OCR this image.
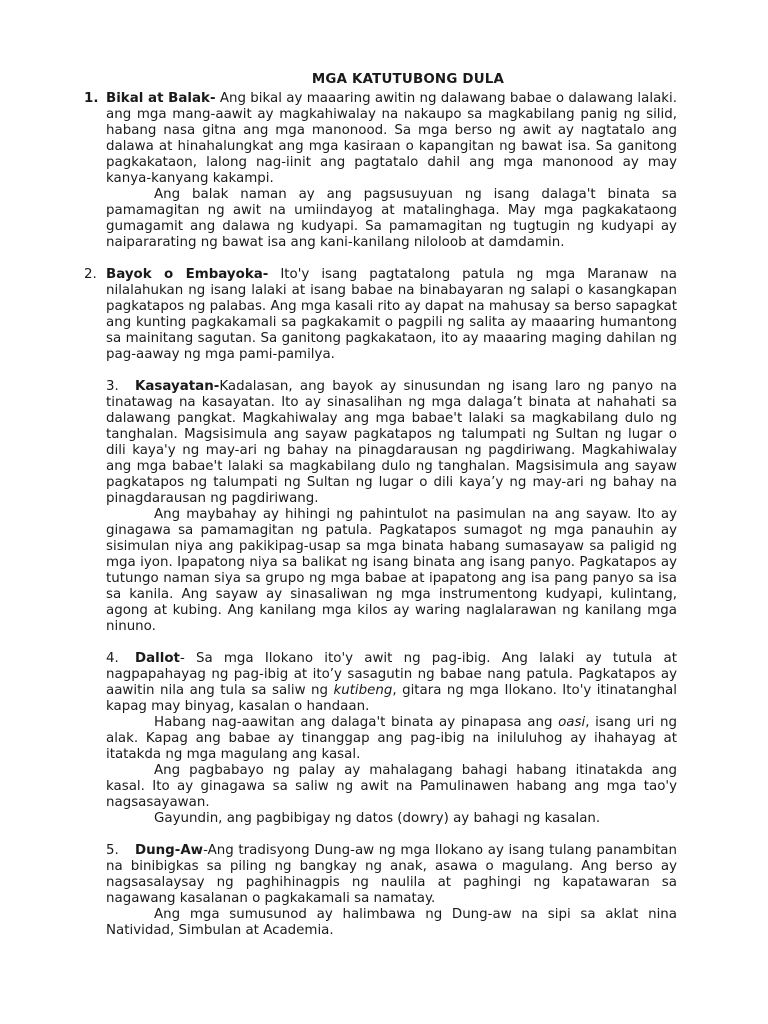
MGA KATUTUBONG DULA
1. Bikal at Balak- Ang bikal ay maaaring awitin ng dalawang babae o dalawang lalaki. ang mga mang-aawit ay magkahiwalay na nakaupo sa magkabilang panig ng silid, habang nasa gitna ang mga manonood. Sa mga berso ng awit ay nagtatalo ang dalawa at hinahalungkat ang mga kasiraan o kapangitan ng bawat isa. Sa ganitong pagkakataon, lalong nag-iinit ang pagtatalo dahil ang mga manonood ay may kanya-kanyang kakampi.

Ang balak naman ay ang pagsusuyuan ng isang dalaga't binata sa pamamagitan ng awit na umiindayog at matalinghaga. May mga pagkakataong gumagamit ang dalawa ng kudyapi. Sa pamamagitan ng tugtugin ng kudyapi ay naipararating ng bawat isa ang kani-kanilang niloloob at damdamin.

2. Bayok o Embayoka- Ito'y isang pagtatalong patula ng mga Maranaw na nilalahukan ng isang lalaki at isang babae na binabayaran ng salapi o kasangkapan pagkatapos ng palabas. Ang mga kasali rito ay dapat na mahusay sa berso sapagkat ang kunting pagkakamali sa pagkakamit o pagpili ng salita ay maaaring humantong sa mainitang sagutan. Sa ganitong pagkakataon, ito ay maaaring maging dahilan ng pag-aaway ng mga pami-pamilya.

3. Kasayatan-Kadalasan, ang bayok ay sinusundan ng isang laro ng panyo na tinatawag na kasayatan. Ito ay sinasalihan ng mga dalaga’t binata at nahahati sa dalawang pangkat. Magkahiwalay ang mga babae't lalaki sa magkabilang dulo ng tanghalan. Magsisimula ang sayaw pagkatapos ng talumpati ng Sultan ng lugar o dili kaya'y ng may-ari ng bahay na pinagdarausan ng pagdiriwang. Magkahiwalay ang mga babae't lalaki sa magkabilang dulo ng tanghalan. Magsisimula ang sayaw pagkatapos ng talumpati ng Sultan ng lugar o dili kaya’y ng may-ari ng bahay na pinagdarausan ng pagdiriwang.

Ang maybahay ay hihingi ng pahintulot na pasimulan na ang sayaw. Ito ay ginagawa sa pamamagitan ng patula. Pagkatapos sumagot ng mga panauhin ay sisimulan niya ang pakikipag-usap sa mga binata habang sumasayaw sa paligid ng mga iyon. Ipapatong niya sa balikat ng isang binata ang isang panyo. Pagkatapos ay tutungo naman siya sa grupo ng mga babae at ipapatong ang isa pang panyo sa isa sa kanila. Ang sayaw ay sinasaliwan ng mga instrumentong kudyapi, kulintang, agong at kubing. Ang kanilang mga kilos ay waring naglalarawan ng kanilang mga ninuno.

4. Dallot- Sa mga Ilokano ito'y awit ng pag-ibig. Ang lalaki ay tutula at nagpapahayag ng pag-ibig at ito’y sasagutin ng babae nang patula. Pagkatapos ay aawitin nila ang tula sa saliw ng kutibeng, gitara ng mga Ilokano. Ito'y itinatanghal kapag may binyag, kasalan o handaan.

Habang nag-aawitan ang dalaga't binata ay pinapasa ang oasi, isang uri ng alak. Kapag ang babae ay tinanggap ang pag-ibig na iniluluhog ay ihahayag at itatakda ng mga magulang ang kasal.

Ang pagbabayo ng palay ay mahalagang bahagi habang itinatakda ang kasal. Ito ay ginagawa sa saliw ng awit na Pamulinawen habang ang mga tao'y nagsasayawan.

Gayundin, ang pagbibigay ng datos (dowry) ay bahagi ng kasalan.

5. Dung-Aw-Ang tradisyong Dung-aw ng mga Ilokano ay isang tulang panambitan na binibigkas sa piling ng bangkay ng anak, asawa o magulang. Ang berso ay nagsasalaysay ng paghihinagpis ng naulila at paghingi ng kapatawaran sa nagawang kasalanan o pagkakamali sa namatay.

Ang mga sumusunod ay halimbawa ng Dung-aw na sipi sa aklat nina Natividad, Simbulan at Academia.
